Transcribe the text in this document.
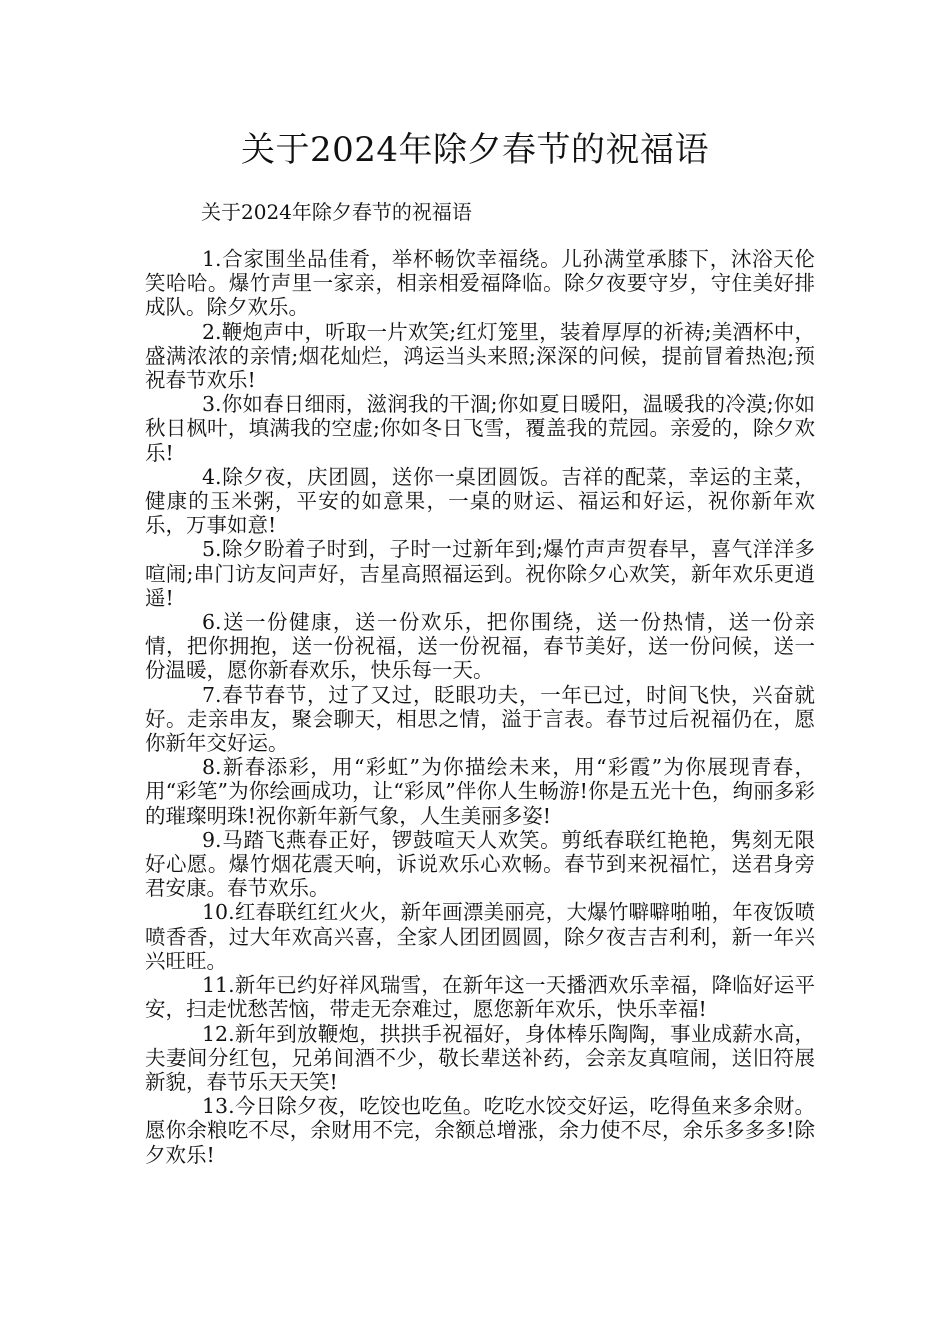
关于2024年除夕春节的祝福语
关于2024年除夕春节的祝福语

1.合家围坐品佳肴，举杯畅饮幸福绕。儿孙满堂承膝下，沐浴天伦笑哈哈。爆竹声里一家亲，相亲相爱福降临。除夕夜要守岁，守住美好排成队。除夕欢乐。

2.鞭炮声中，听取一片欢笑;红灯笼里，装着厚厚的祈祷;美酒杯中，盛满浓浓的亲情;烟花灿烂，鸿运当头来照;深深的问候，提前冒着热泡;预祝春节欢乐!

3.你如春日细雨，滋润我的干涸;你如夏日暖阳，温暖我的冷漠;你如秋日枫叶，填满我的空虚;你如冬日飞雪，覆盖我的荒园。亲爱的，除夕欢乐!

4.除夕夜，庆团圆，送你一桌团圆饭。吉祥的配菜，幸运的主菜，健康的玉米粥，平安的如意果，一桌的财运、福运和好运，祝你新年欢乐，万事如意!

5.除夕盼着子时到，子时一过新年到;爆竹声声贺春早，喜气洋洋多喧闹;串门访友问声好，吉星高照福运到。祝你除夕心欢笑，新年欢乐更逍遥!

6.送一份健康，送一份欢乐，把你围绕，送一份热情，送一份亲情，把你拥抱，送一份祝福，送一份祝福，春节美好，送一份问候，送一份温暖，愿你新春欢乐，快乐每一天。

7.春节春节，过了又过，眨眼功夫，一年已过，时间飞快，兴奋就好。走亲串友，聚会聊天，相思之情，溢于言表。春节过后祝福仍在，愿你新年交好运。

8.新春添彩，用“彩虹”为你描绘未来，用“彩霞”为你展现青春，用“彩笔”为你绘画成功，让“彩凤”伴你人生畅游!你是五光十色，绚丽多彩的璀璨明珠!祝你新年新气象，人生美丽多姿!

9.马踏飞燕春正好，锣鼓喧天人欢笑。剪纸春联红艳艳，隽刻无限好心愿。爆竹烟花震天响，诉说欢乐心欢畅。春节到来祝福忙，送君身旁君安康。春节欢乐。

10.红春联红红火火，新年画漂美丽亮，大爆竹噼噼啪啪，年夜饭喷喷香香，过大年欢高兴喜，全家人团团圆圆，除夕夜吉吉利利，新一年兴兴旺旺。

11.新年已约好祥风瑞雪，在新年这一天播洒欢乐幸福，降临好运平安，扫走忧愁苦恼，带走无奈难过，愿您新年欢乐，快乐幸福!

12.新年到放鞭炮，拱拱手祝福好，身体棒乐陶陶，事业成薪水高，夫妻间分红包，兄弟间酒不少，敬长辈送补药，会亲友真喧闹，送旧符展新貌，春节乐天天笑!

13.今日除夕夜，吃饺也吃鱼。吃吃水饺交好运，吃得鱼来多余财。愿你余粮吃不尽，余财用不完，余额总增涨，余力使不尽，余乐多多多!除夕欢乐!
